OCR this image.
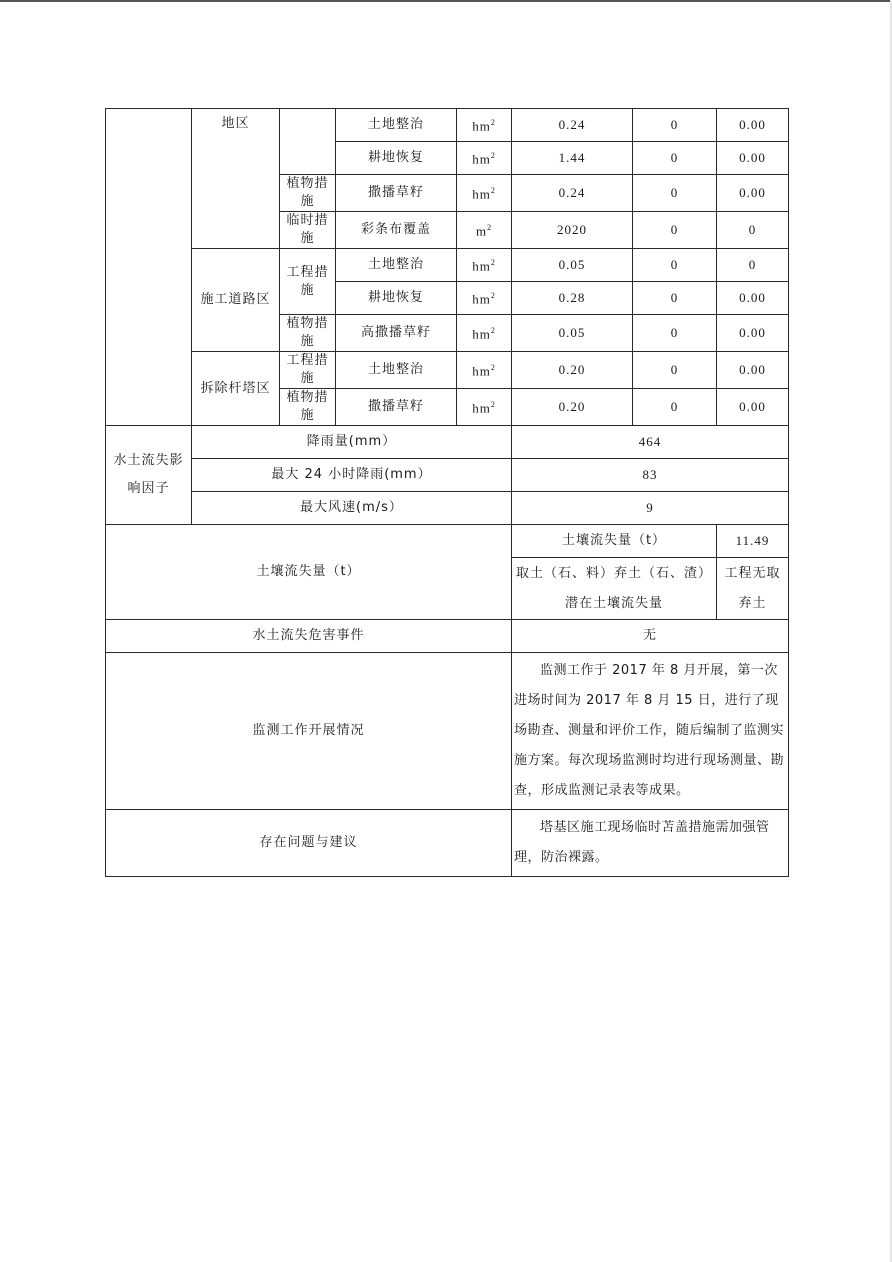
	地区		土地整治	$hm^2$	0.24	0	0.00
			耕地恢复	$hm^2$	1.44	0	0.00
		植物措施	撒播草籽	$hm^2$	0.24	0	0.00
		临时措施	彩条布覆盖	$m^2$	2020	0	0
	施工道路区	工程措施	土地整治	$hm^2$	0.05	0	0
			耕地恢复	$hm^2$	0.28	0	0.00
		植物措施	高撒播草籽	$hm^2$	0.05	0	0.00
	拆除杆塔区	工程措施	土地整治	$hm^2$	0.20	0	0.00
		植物措施	撒播草籽	$hm^2$	0.20	0	0.00
水土流失影响因子	降雨量(mm）				464		
	最大 24 小时降雨(mm）				83		
	最大风速(m/s）				9		
土壤流失量（t）					土壤流失量（t）		11.49
					取土（石、料）弃土（石、渣）潜在土壤流失量		工程无取弃土
水土流失危害事件					无		
监测工作开展情况					监测工作于 2017 年 8 月开展，第一次进场时间为 2017 年 8 月 15 日，进行了现场勘查、测量和评价工作，随后编制了监测实施方案。每次现场监测时均进行现场测量、勘查，形成监测记录表等成果。		
存在问题与建议					塔基区施工现场临时苫盖措施需加强管理，防治裸露。		
